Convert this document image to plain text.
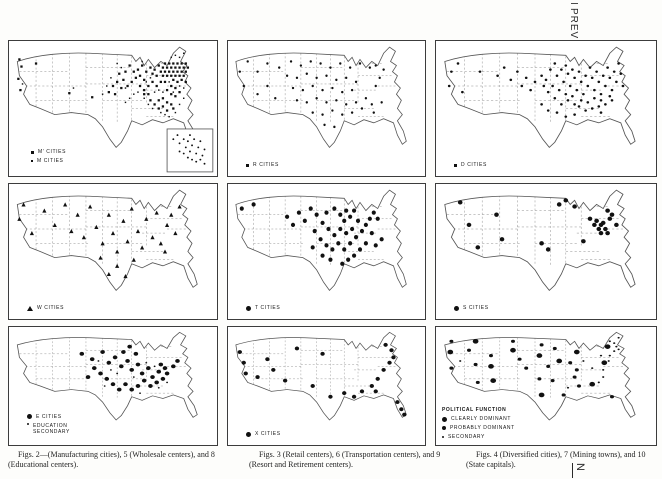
M′ CITIES
M CITIES
R CITIES	D CITIES
W CITIES	T CITIES	S CITIES
E CITIES
EDUCATION SECONDARY	X CITIES
POLITICAL FUNCTION
CLEARLY DOMINANT
PROBABLY DOMINANT
SECONDARY

Figs. 2—(Manufacturing cities), 5 (Wholesale centers), and 8 (Educational centers).

Figs. 3 (Retail centers), 6 (Transportation centers), and 9 (Resort and Retirement centers).

Figs. 4 (Diversified cities), 7 (Mining towns), and 10 (State capitals).

PREV
N
